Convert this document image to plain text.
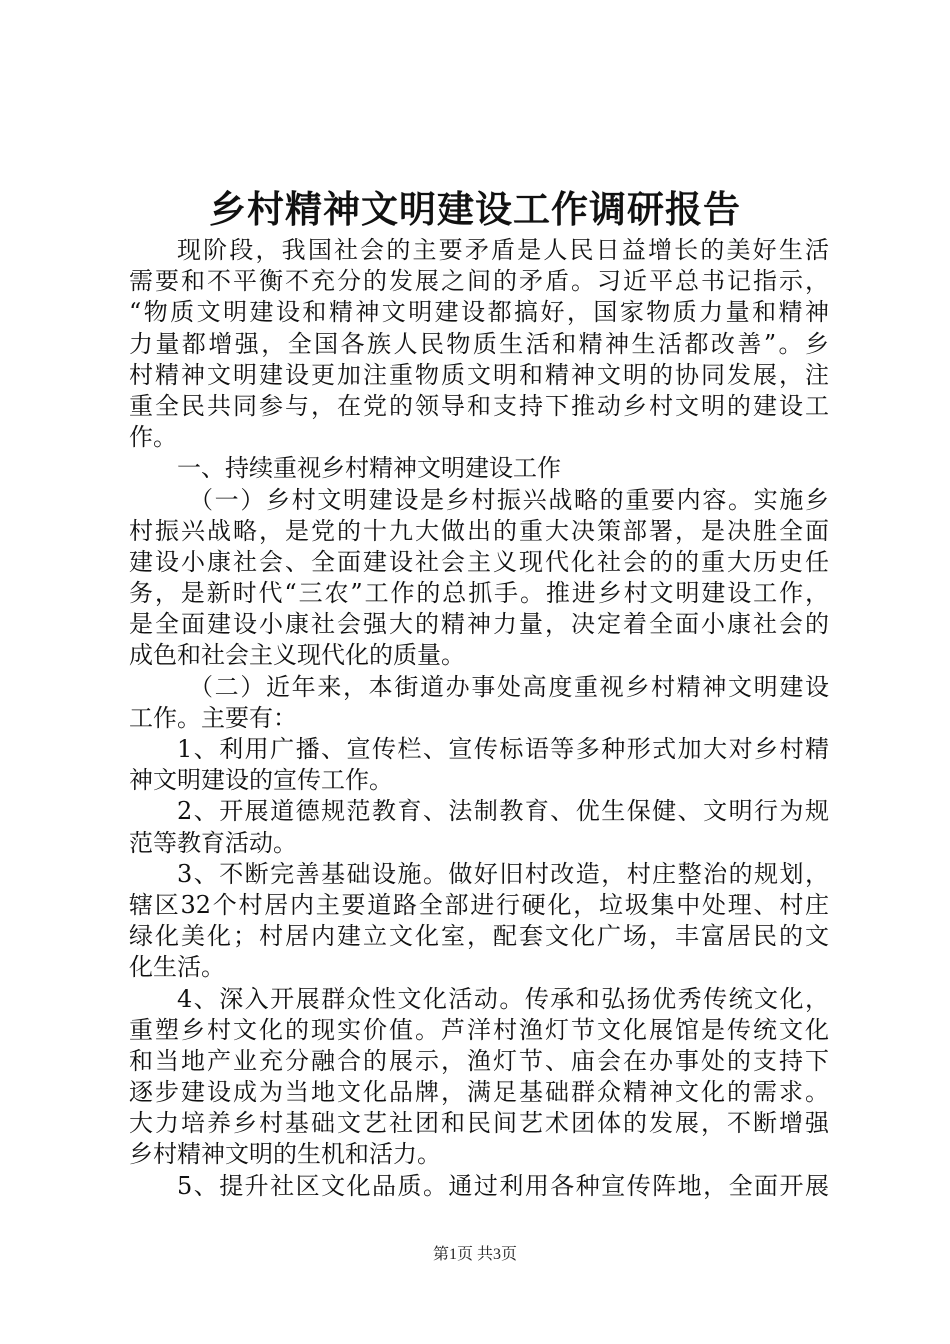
乡村精神文明建设工作调研报告
现阶段，我国社会的主要矛盾是人民日益增长的美好生活
需要和不平衡不充分的发展之间的矛盾。习近平总书记指示，
“物质文明建设和精神文明建设都搞好，国家物质力量和精神
力量都增强，全国各族人民物质生活和精神生活都改善”。乡
村精神文明建设更加注重物质文明和精神文明的协同发展，注
重全民共同参与，在党的领导和支持下推动乡村文明的建设工
作。
一、持续重视乡村精神文明建设工作
（一）乡村文明建设是乡村振兴战略的重要内容。实施乡
村振兴战略，是党的十九大做出的重大决策部署，是决胜全面
建设小康社会、全面建设社会主义现代化社会的的重大历史任
务，是新时代“三农”工作的总抓手。推进乡村文明建设工作，
是全面建设小康社会强大的精神力量，决定着全面小康社会的
成色和社会主义现代化的质量。
（二）近年来，本街道办事处高度重视乡村精神文明建设
工作。主要有：
1、利用广播、宣传栏、宣传标语等多种形式加大对乡村精
神文明建设的宣传工作。
2、开展道德规范教育、法制教育、优生保健、文明行为规
范等教育活动。
3、不断完善基础设施。做好旧村改造，村庄整治的规划，
辖区32个村居内主要道路全部进行硬化，垃圾集中处理、村庄
绿化美化；村居内建立文化室，配套文化广场，丰富居民的文
化生活。
4、深入开展群众性文化活动。传承和弘扬优秀传统文化，
重塑乡村文化的现实价值。芦洋村渔灯节文化展馆是传统文化
和当地产业充分融合的展示，渔灯节、庙会在办事处的支持下
逐步建设成为当地文化品牌，满足基础群众精神文化的需求。
大力培养乡村基础文艺社团和民间艺术团体的发展，不断增强
乡村精神文明的生机和活力。
5、提升社区文化品质。通过利用各种宣传阵地，全面开展
第1页 共3页
